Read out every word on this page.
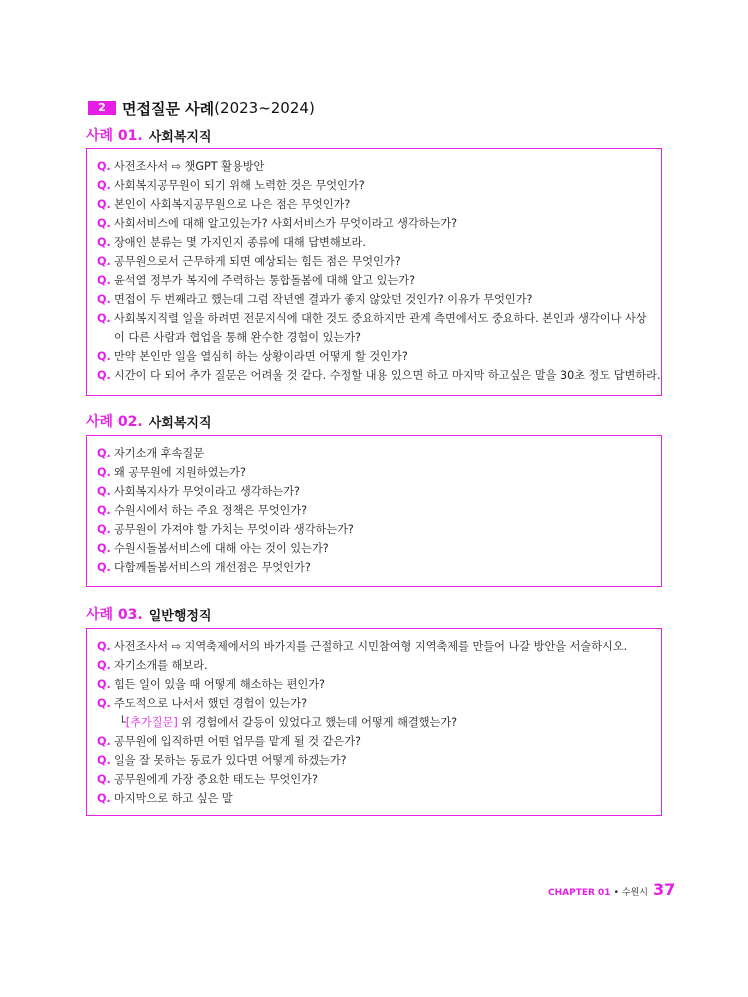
2	면접질문 사례 (2023~2024)
사례 01. 사회복지직
Q. 사전조사서 ⇨ 챗GPT 활용방안
Q. 사회복지공무원이 되기 위해 노력한 것은 무엇인가?
Q. 본인이 사회복지공무원으로 나은 점은 무엇인가?
Q. 사회서비스에 대해 알고있는가? 사회서비스가 무엇이라고 생각하는가?
Q. 장애인 분류는 몇 가지인지 종류에 대해 답변해보라.
Q. 공무원으로서 근무하게 되면 예상되는 힘든 점은 무엇인가?
Q. 윤석열 정부가 복지에 주력하는 통합돌봄에 대해 알고 있는가?
Q. 면접이 두 번째라고 했는데 그럼 작년엔 결과가 좋지 않았던 것인가? 이유가 무엇인가?
Q. 사회복지직렬 일을 하려면 전문지식에 대한 것도 중요하지만 관계 측면에서도 중요하다. 본인과 생각이나 사상
이 다른 사람과 협업을 통해 완수한 경험이 있는가?
Q. 만약 본인만 일을 열심히 하는 상황이라면 어떻게 할 것인가?
Q. 시간이 다 되어 추가 질문은 어려울 것 같다. 수정할 내용 있으면 하고 마지막 하고싶은 말을 30초 정도 답변하라.
사례 02. 사회복지직
Q. 자기소개 후속질문
Q. 왜 공무원에 지원하였는가?
Q. 사회복지사가 무엇이라고 생각하는가?
Q. 수원시에서 하는 주요 정책은 무엇인가?
Q. 공무원이 가져야 할 가치는 무엇이라 생각하는가?
Q. 수원시돌봄서비스에 대해 아는 것이 있는가?
Q. 다함께돌봄서비스의 개선점은 무엇인가?
사례 03. 일반행정직
Q. 사전조사서 ⇨ 지역축제에서의 바가지를 근절하고 시민참여형 지역축제를 만들어 나갈 방안을 서술하시오.
Q. 자기소개를 해보라.
Q. 힘든 일이 있을 때 어떻게 해소하는 편인가?
Q. 주도적으로 나서서 했던 경험이 있는가?
└[추가질문] 위 경험에서 갈등이 있었다고 했는데 어떻게 해결했는가?
Q. 공무원에 입직하면 어떤 업무를 맡게 될 것 같은가?
Q. 일을 잘 못하는 동료가 있다면 어떻게 하겠는가?
Q. 공무원에게 가장 중요한 태도는 무엇인가?
Q. 마지막으로 하고 싶은 말
CHAPTER 01 • 수원시 37
